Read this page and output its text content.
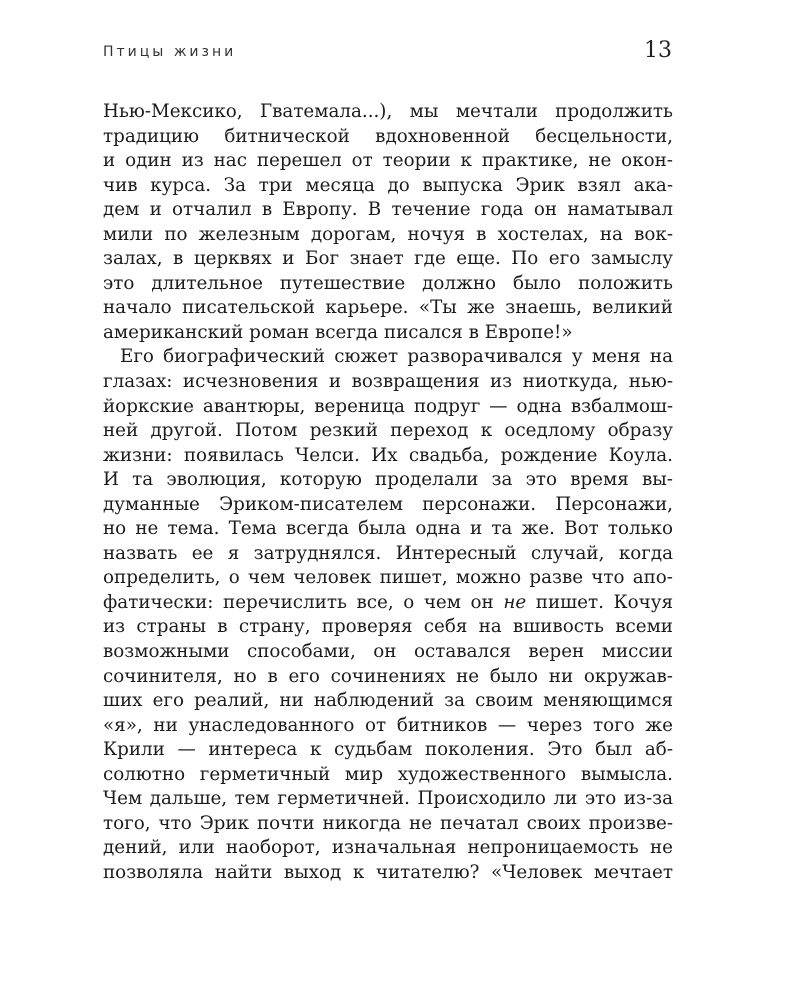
Птицы жизни	13
Нью-Мексико, Гватемала...), мы мечтали продолжить
традицию битнической вдохновенной бесцельности,
и один из нас перешел от теории к практике, не окон-
чив курса. За три месяца до выпуска Эрик взял ака-
дем и отчалил в Европу. В течение года он наматывал
мили по железным дорогам, ночуя в хостелах, на вок-
залах, в церквях и Бог знает где еще. По его замыслу
это длительное путешествие должно было положить
начало писательской карьере. «Ты же знаешь, великий
американский роман всегда писался в Европе!»
Его биографический сюжет разворачивался у меня на
глазах: исчезновения и возвращения из ниоткуда, нью-
йоркские авантюры, вереница подруг — одна взбалмош-
ней другой. Потом резкий переход к оседлому образу
жизни: появилась Челси. Их свадьба, рождение Коула.
И та эволюция, которую проделали за это время вы-
думанные Эриком-писателем персонажи. Персонажи,
но не тема. Тема всегда была одна и та же. Вот только
назвать ее я затруднялся. Интересный случай, когда
определить, о чем человек пишет, можно разве что апо-
фатически: перечислить все, о чем он не пишет. Кочуя
из страны в страну, проверяя себя на вшивость всеми
возможными способами, он оставался верен миссии
сочинителя, но в его сочинениях не было ни окружав-
ших его реалий, ни наблюдений за своим меняющимся
«я», ни унаследованного от битников — через того же
Крили — интереса к судьбам поколения. Это был аб-
солютно герметичный мир художественного вымысла.
Чем дальше, тем герметичней. Происходило ли это из-за
того, что Эрик почти никогда не печатал своих произве-
дений, или наоборот, изначальная непроницаемость не
позволяла найти выход к читателю? «Человек мечтает
